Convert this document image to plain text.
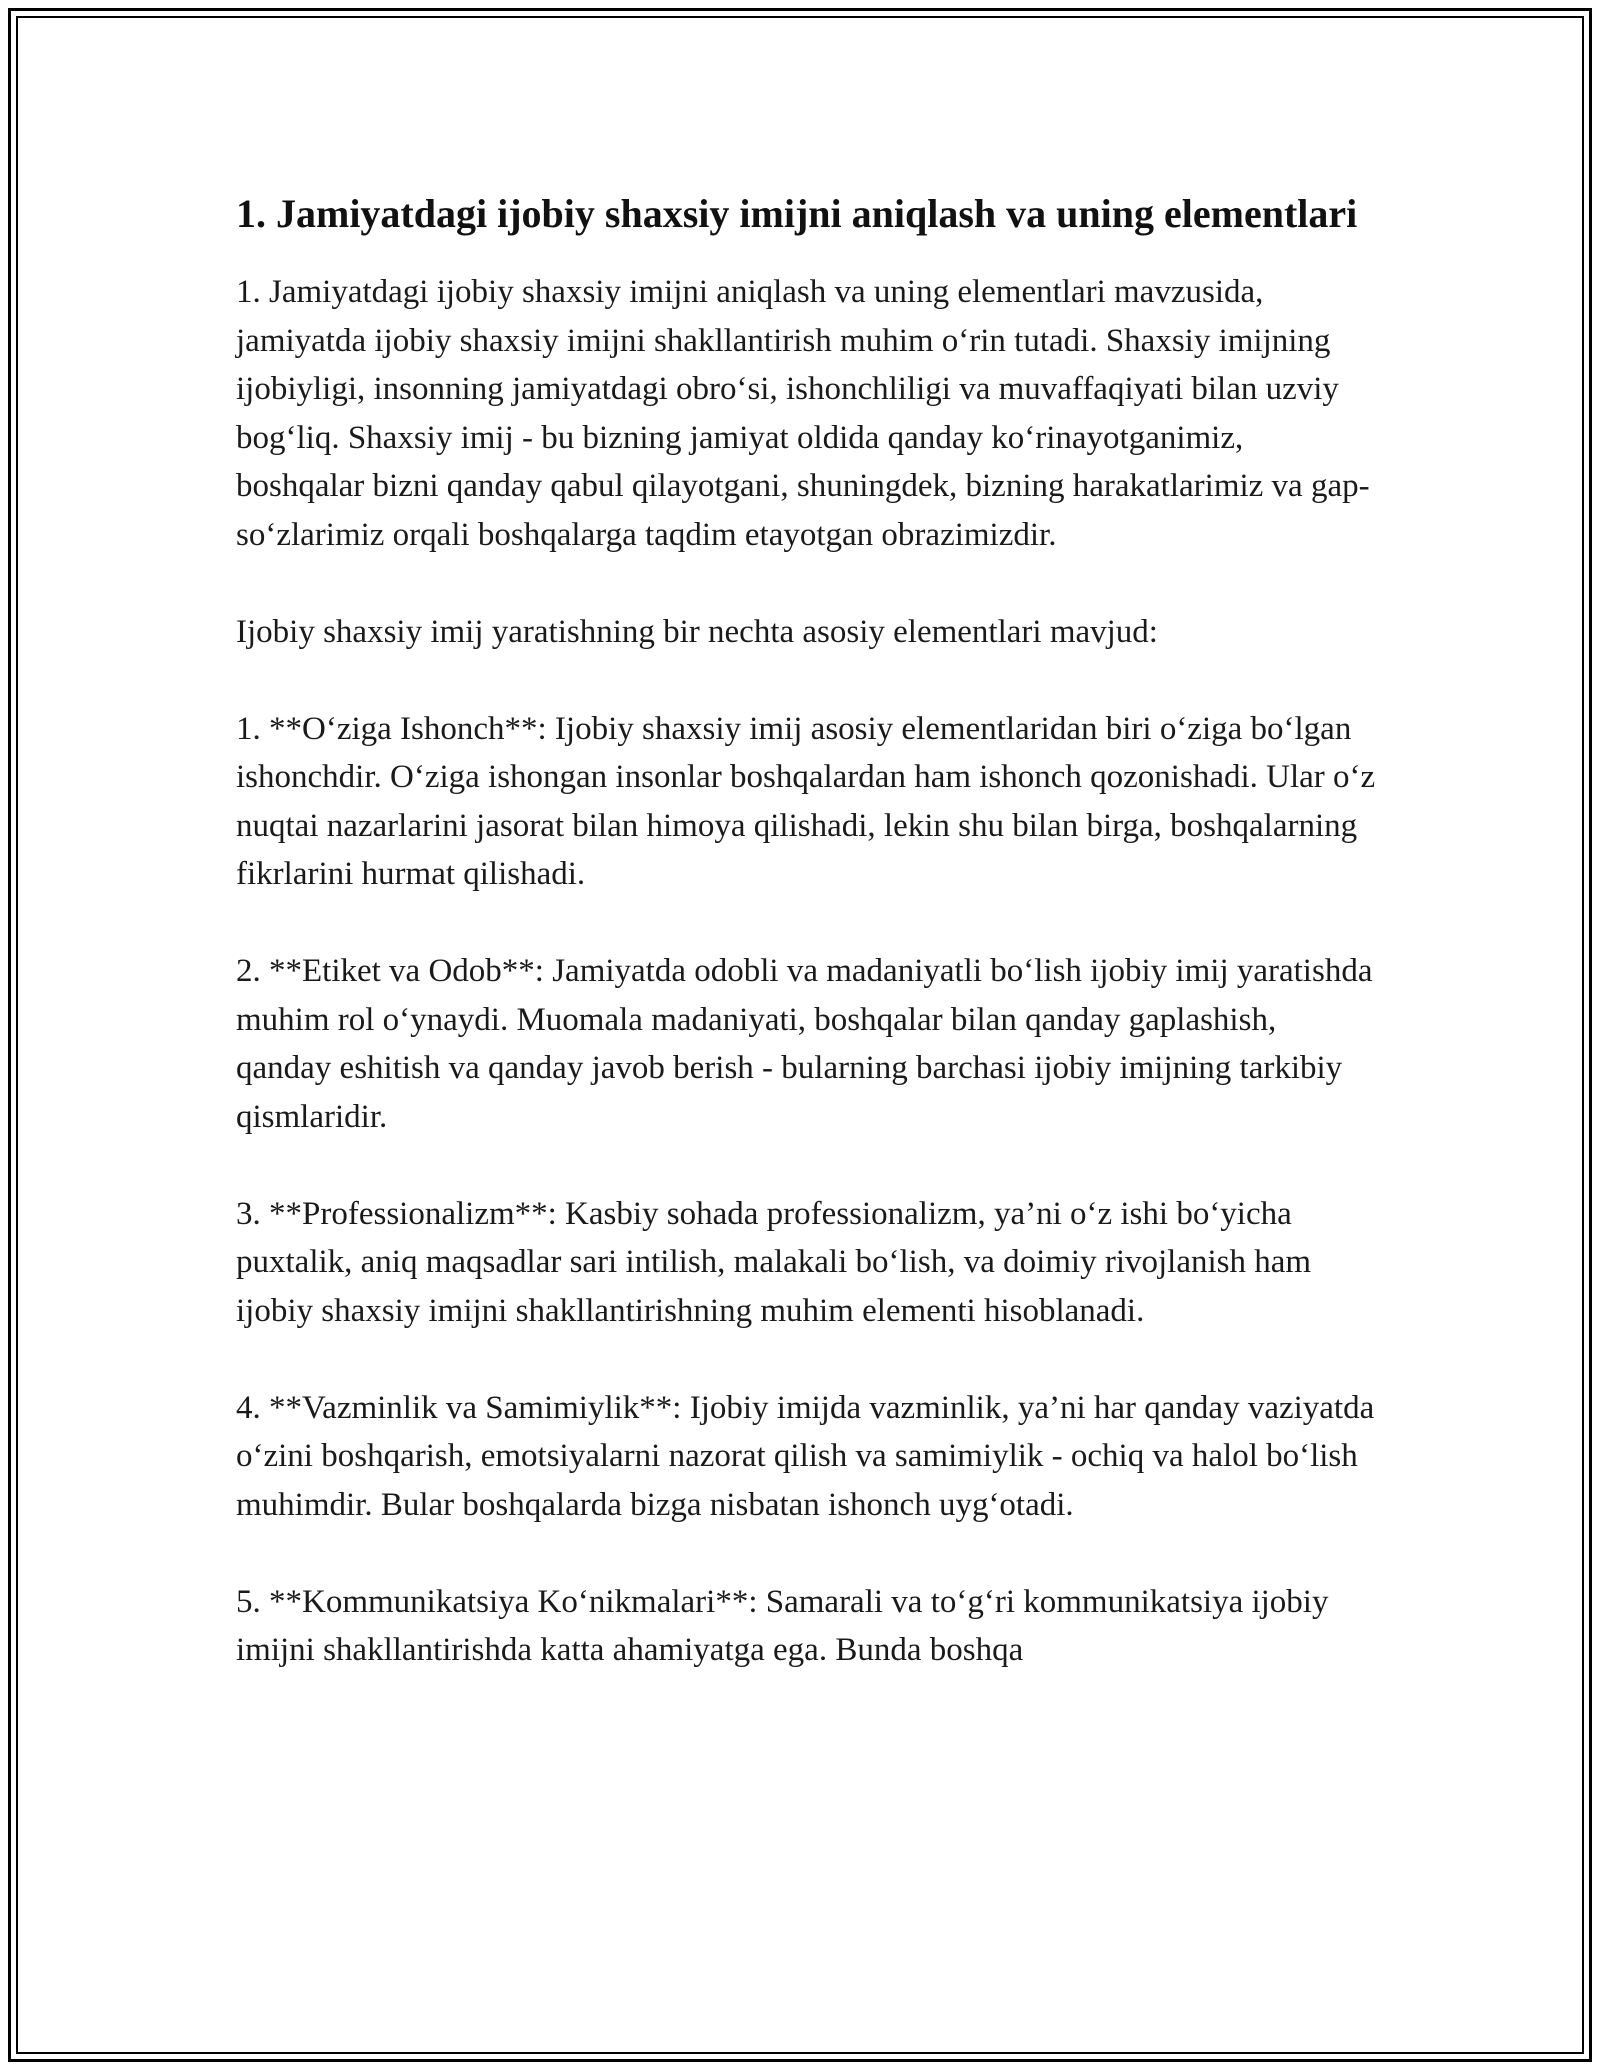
1. Jamiyatdagi ijobiy shaxsiy imijni aniqlash va uning elementlari

1. Jamiyatdagi ijobiy shaxsiy imijni aniqlash va uning elementlari mavzusida, jamiyatda ijobiy shaxsiy imijni shakllantirish muhim o‘rin tutadi. Shaxsiy imijning ijobiyligi, insonning jamiyatdagi obro‘si, ishonchliligi va muvaffaqiyati bilan uzviy bog‘liq. Shaxsiy imij - bu bizning jamiyat oldida qanday ko‘rinayotganimiz, boshqalar bizni qanday qabul qilayotgani, shuningdek, bizning harakatlarimiz va gap-so‘zlarimiz orqali boshqalarga taqdim etayotgan obrazimizdir.

Ijobiy shaxsiy imij yaratishning bir nechta asosiy elementlari mavjud:

1. **O‘ziga Ishonch**: Ijobiy shaxsiy imij asosiy elementlaridan biri o‘ziga bo‘lgan ishonchdir. O‘ziga ishongan insonlar boshqalardan ham ishonch qozonishadi. Ular o‘z nuqtai nazarlarini jasorat bilan himoya qilishadi, lekin shu bilan birga, boshqalarning fikrlarini hurmat qilishadi.

2. **Etiket va Odob**: Jamiyatda odobli va madaniyatli bo‘lish ijobiy imij yaratishda muhim rol o‘ynaydi. Muomala madaniyati, boshqalar bilan qanday gaplashish, qanday eshitish va qanday javob berish - bularning barchasi ijobiy imijning tarkibiy qismlaridir.

3. **Professionalizm**: Kasbiy sohada professionalizm, ya’ni o‘z ishi bo‘yicha puxtalik, aniq maqsadlar sari intilish, malakali bo‘lish, va doimiy rivojlanish ham ijobiy shaxsiy imijni shakllantirishning muhim elementi hisoblanadi.

4. **Vazminlik va Samimiylik**: Ijobiy imijda vazminlik, ya’ni har qanday vaziyatda o‘zini boshqarish, emotsiyalarni nazorat qilish va samimiylik - ochiq va halol bo‘lish muhimdir. Bular boshqalarda bizga nisbatan ishonch uyg‘otadi.

5. **Kommunikatsiya Ko‘nikmalari**: Samarali va to‘g‘ri kommunikatsiya ijobiy imijni shakllantirishda katta ahamiyatga ega. Bunda boshqa
